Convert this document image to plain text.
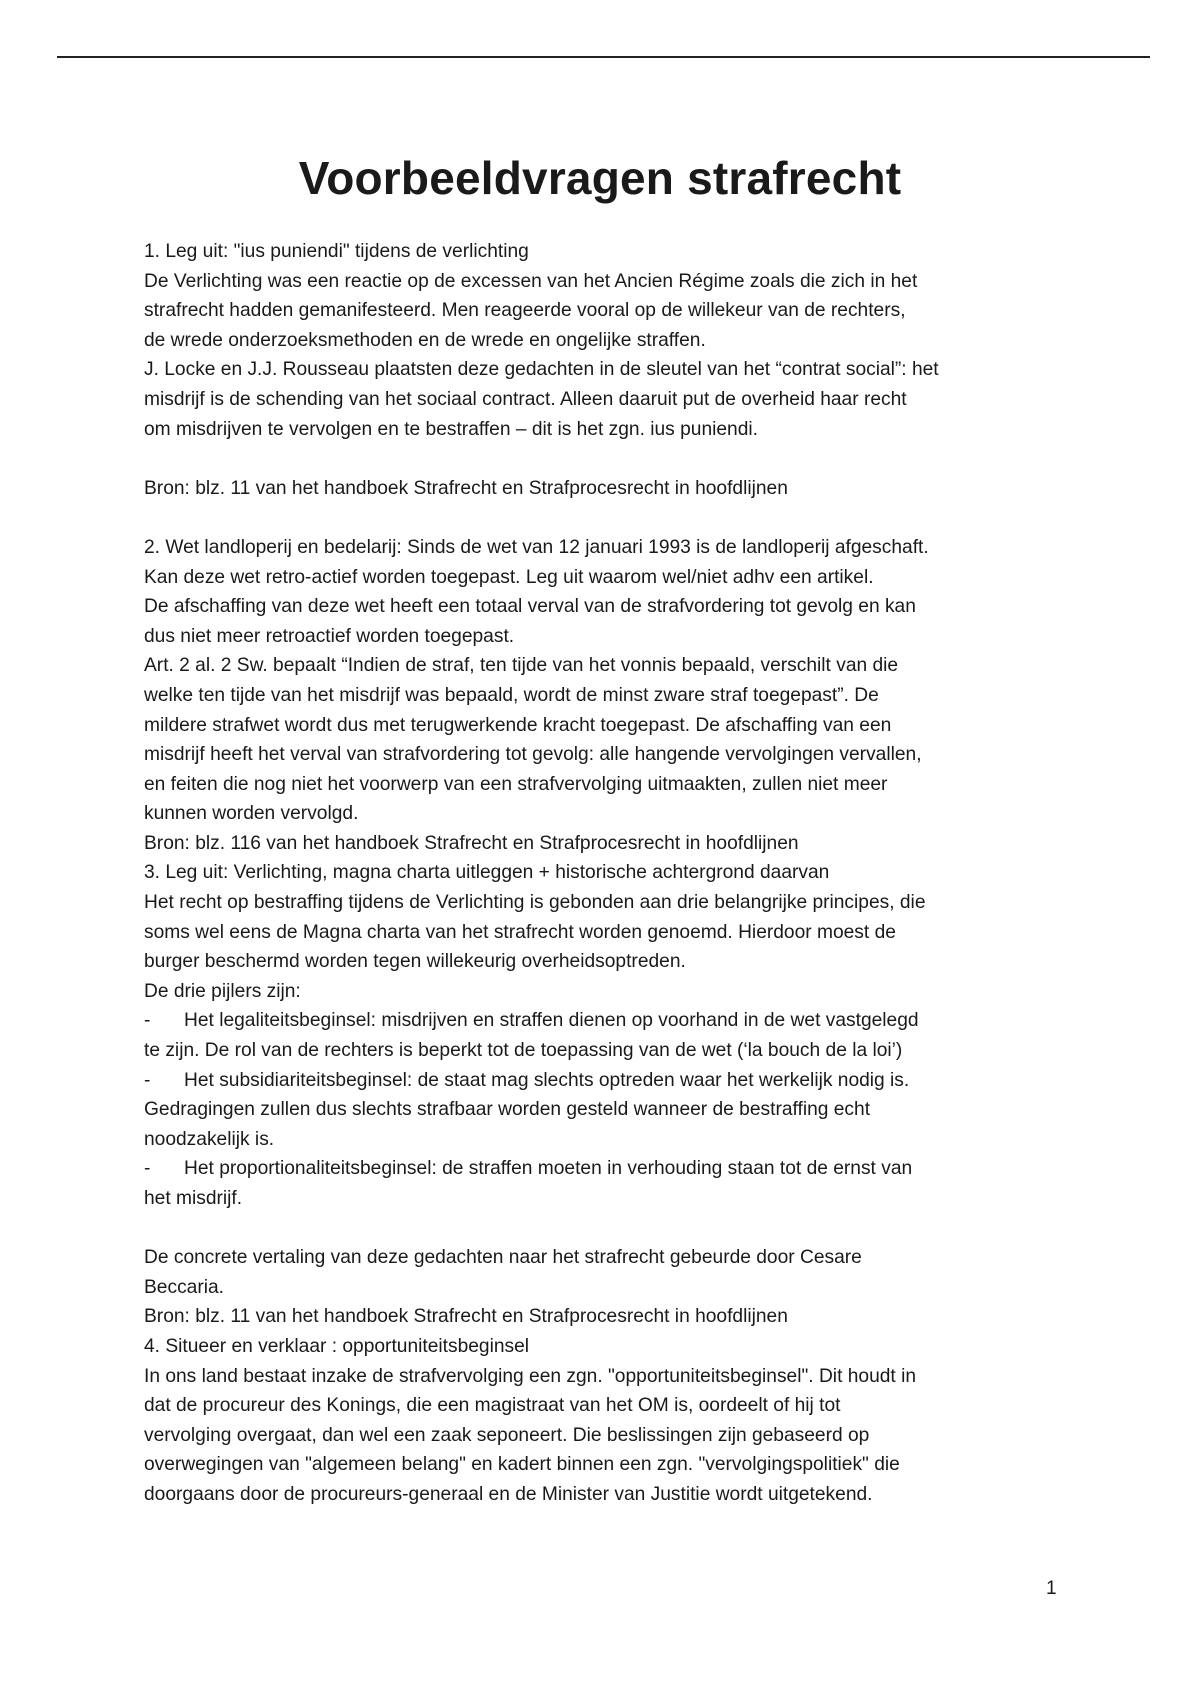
Voorbeeldvragen strafrecht

1. Leg uit: "ius puniendi" tijdens de verlichting

De Verlichting was een reactie op de excessen van het Ancien Régime zoals die zich in het

strafrecht hadden gemanifesteerd. Men reageerde vooral op de willekeur van de rechters,

de wrede onderzoeksmethoden en de wrede en ongelijke straffen.

J. Locke en J.J. Rousseau plaatsten deze gedachten in de sleutel van het “contrat social”: het

misdrijf is de schending van het sociaal contract. Alleen daaruit put de overheid haar recht

om misdrijven te vervolgen en te bestraffen – dit is het zgn. ius puniendi.

Bron: blz. 11 van het handboek Strafrecht en Strafprocesrecht in hoofdlijnen

2. Wet landloperij en bedelarij: Sinds de wet van 12 januari 1993 is de landloperij afgeschaft.

Kan deze wet retro-actief worden toegepast. Leg uit waarom wel/niet adhv een artikel.

De afschaffing van deze wet heeft een totaal verval van de strafvordering tot gevolg en kan

dus niet meer retroactief worden toegepast.

Art. 2 al. 2 Sw. bepaalt “Indien de straf, ten tijde van het vonnis bepaald, verschilt van die

welke ten tijde van het misdrijf was bepaald, wordt de minst zware straf toegepast”. De

mildere strafwet wordt dus met terugwerkende kracht toegepast. De afschaffing van een

misdrijf heeft het verval van strafvordering tot gevolg: alle hangende vervolgingen vervallen,

en feiten die nog niet het voorwerp van een strafvervolging uitmaakten, zullen niet meer

kunnen worden vervolgd.

Bron: blz. 116 van het handboek Strafrecht en Strafprocesrecht in hoofdlijnen

3. Leg uit: Verlichting, magna charta uitleggen + historische achtergrond daarvan

Het recht op bestraffing tijdens de Verlichting is gebonden aan drie belangrijke principes, die

soms wel eens de Magna charta van het strafrecht worden genoemd. Hierdoor moest de

burger beschermd worden tegen willekeurig overheidsoptreden.

De drie pijlers zijn:

- Het legaliteitsbeginsel: misdrijven en straffen dienen op voorhand in de wet vastgelegd

te zijn. De rol van de rechters is beperkt tot de toepassing van de wet (‘la bouch de la loi’)

- Het subsidiariteitsbeginsel: de staat mag slechts optreden waar het werkelijk nodig is.

Gedragingen zullen dus slechts strafbaar worden gesteld wanneer de bestraffing echt

noodzakelijk is.

- Het proportionaliteitsbeginsel: de straffen moeten in verhouding staan tot de ernst van

het misdrijf.

De concrete vertaling van deze gedachten naar het strafrecht gebeurde door Cesare

Beccaria.

Bron: blz. 11 van het handboek Strafrecht en Strafprocesrecht in hoofdlijnen

4. Situeer en verklaar : opportuniteitsbeginsel

In ons land bestaat inzake de strafvervolging een zgn. "opportuniteitsbeginsel". Dit houdt in

dat de procureur des Konings, die een magistraat van het OM is, oordeelt of hij tot

vervolging overgaat, dan wel een zaak seponeert. Die beslissingen zijn gebaseerd op

overwegingen van "algemeen belang" en kadert binnen een zgn. "vervolgingspolitiek" die

doorgaans door de procureurs-generaal en de Minister van Justitie wordt uitgetekend.

1
